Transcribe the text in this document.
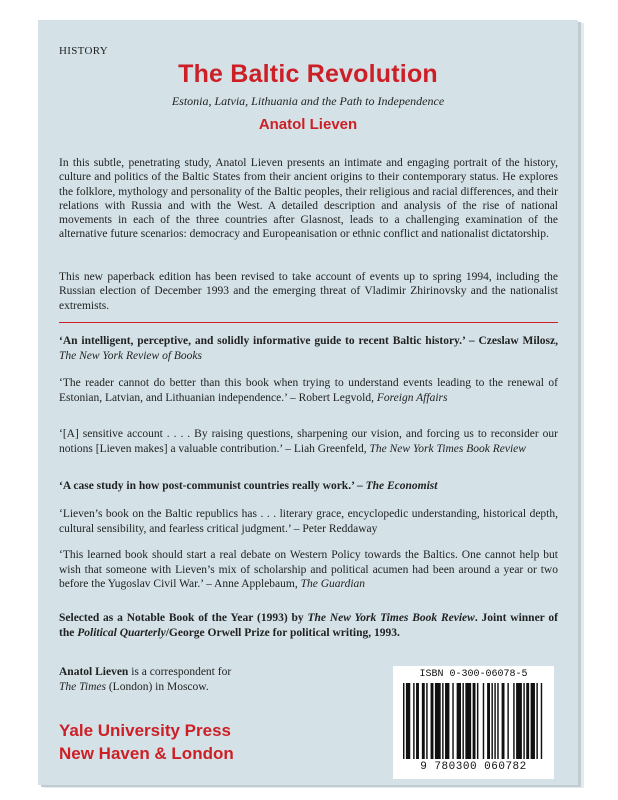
HISTORY
The Baltic Revolution
Estonia, Latvia, Lithuania and the Path to Independence
Anatol Lieven

In this subtle, penetrating study, Anatol Lieven presents an intimate and engaging portrait of the history, culture and politics of the Baltic States from their ancient origins to their contemporary status. He explores the folklore, mythology and personality of the Baltic peoples, their religious and racial differences, and their relations with Russia and with the West. A detailed description and analysis of the rise of national movements in each of the three countries after Glasnost, leads to a challenging examination of the alternative future scenarios: democracy and Europeanisation or ethnic conflict and nationalist dictatorship.

This new paperback edition has been revised to take account of events up to spring 1994, including the Russian election of December 1993 and the emerging threat of Vladimir Zhirinovsky and the nationalist extremists.

‘An intelligent, perceptive, and solidly informative guide to recent Baltic history.’ – Czeslaw Milosz, The New York Review of Books

‘The reader cannot do better than this book when trying to understand events leading to the renewal of Estonian, Latvian, and Lithuanian independence.’ – Robert Legvold, Foreign Affairs

‘[A] sensitive account . . . . By raising questions, sharpening our vision, and forcing us to reconsider our notions [Lieven makes] a valuable contribution.’ – Liah Greenfeld, The New York Times Book Review

‘A case study in how post-communist countries really work.’ – The Economist

‘Lieven’s book on the Baltic republics has . . . literary grace, encyclopedic understanding, historical depth, cultural sensibility, and fearless critical judgment.’ – Peter Reddaway

‘This learned book should start a real debate on Western Policy towards the Baltics. One cannot help but wish that someone with Lieven’s mix of scholarship and political acumen had been around a year or two before the Yugoslav Civil War.’ – Anne Applebaum, The Guardian

Selected as a Notable Book of the Year (1993) by The New York Times Book Review. Joint winner of the Political Quarterly/George Orwell Prize for political writing, 1993.

Anatol Lieven is a correspondent for
The Times (London) in Moscow.

Yale University Press
New Haven & London
ISBN 0-300-06078-5
9 780300 060782
